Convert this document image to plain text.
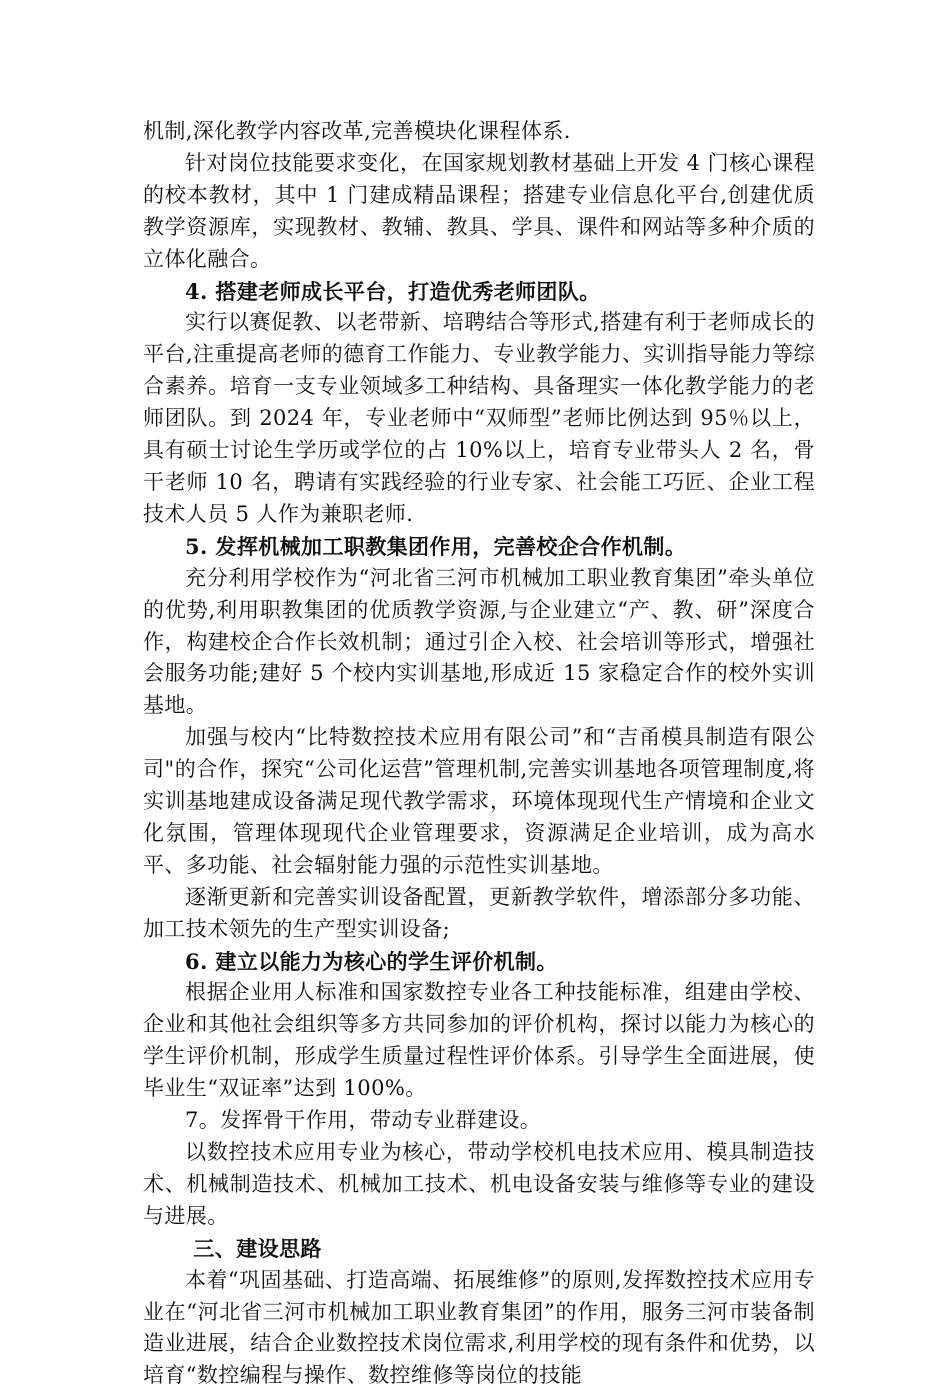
机制,深化教学内容改革,完善模块化课程体系.

针对岗位技能要求变化，在国家规划教材基础上开发 4 门核心课程的校本教材，其中 1 门建成精品课程；搭建专业信息化平台,创建优质教学资源库，实现教材、教辅、教具、学具、课件和网站等多种介质的立体化融合。

4. 搭建老师成长平台，打造优秀老师团队。

实行以赛促教、以老带新、培聘结合等形式,搭建有利于老师成长的平台,注重提高老师的德育工作能力、专业教学能力、实训指导能力等综合素养。培育一支专业领域多工种结构、具备理实一体化教学能力的老师团队。到 2024 年，专业老师中“双师型”老师比例达到 95％以上，具有硕士讨论生学历或学位的占 10%以上，培育专业带头人 2 名，骨干老师 10 名，聘请有实践经验的行业专家、社会能工巧匠、企业工程技术人员 5 人作为兼职老师.

5. 发挥机械加工职教集团作用，完善校企合作机制。

充分利用学校作为“河北省三河市机械加工职业教育集团”牵头单位的优势,利用职教集团的优质教学资源,与企业建立“产、教、研”深度合作，构建校企合作长效机制；通过引企入校、社会培训等形式，增强社会服务功能;建好 5 个校内实训基地,形成近 15 家稳定合作的校外实训基地。

加强与校内“比特数控技术应用有限公司”和“吉甬模具制造有限公司"的合作，探究“公司化运营”管理机制,完善实训基地各项管理制度,将实训基地建成设备满足现代教学需求，环境体现现代生产情境和企业文化氛围，管理体现现代企业管理要求，资源满足企业培训，成为高水平、多功能、社会辐射能力强的示范性实训基地。

逐渐更新和完善实训设备配置，更新教学软件，增添部分多功能、加工技术领先的生产型实训设备;

6. 建立以能力为核心的学生评价机制。

根据企业用人标准和国家数控专业各工种技能标准，组建由学校、企业和其他社会组织等多方共同参加的评价机构，探讨以能力为核心的学生评价机制，形成学生质量过程性评价体系。引导学生全面进展，使毕业生“双证率”达到 100%。

7。发挥骨干作用，带动专业群建设。

以数控技术应用专业为核心，带动学校机电技术应用、模具制造技术、机械制造技术、机械加工技术、机电设备安装与维修等专业的建设与进展。

三、建设思路

本着“巩固基础、打造高端、拓展维修”的原则,发挥数控技术应用专业在“河北省三河市机械加工职业教育集团”的作用，服务三河市装备制造业进展，结合企业数控技术岗位需求,利用学校的现有条件和优势，以培育“数控编程与操作、数控维修等岗位的技能
